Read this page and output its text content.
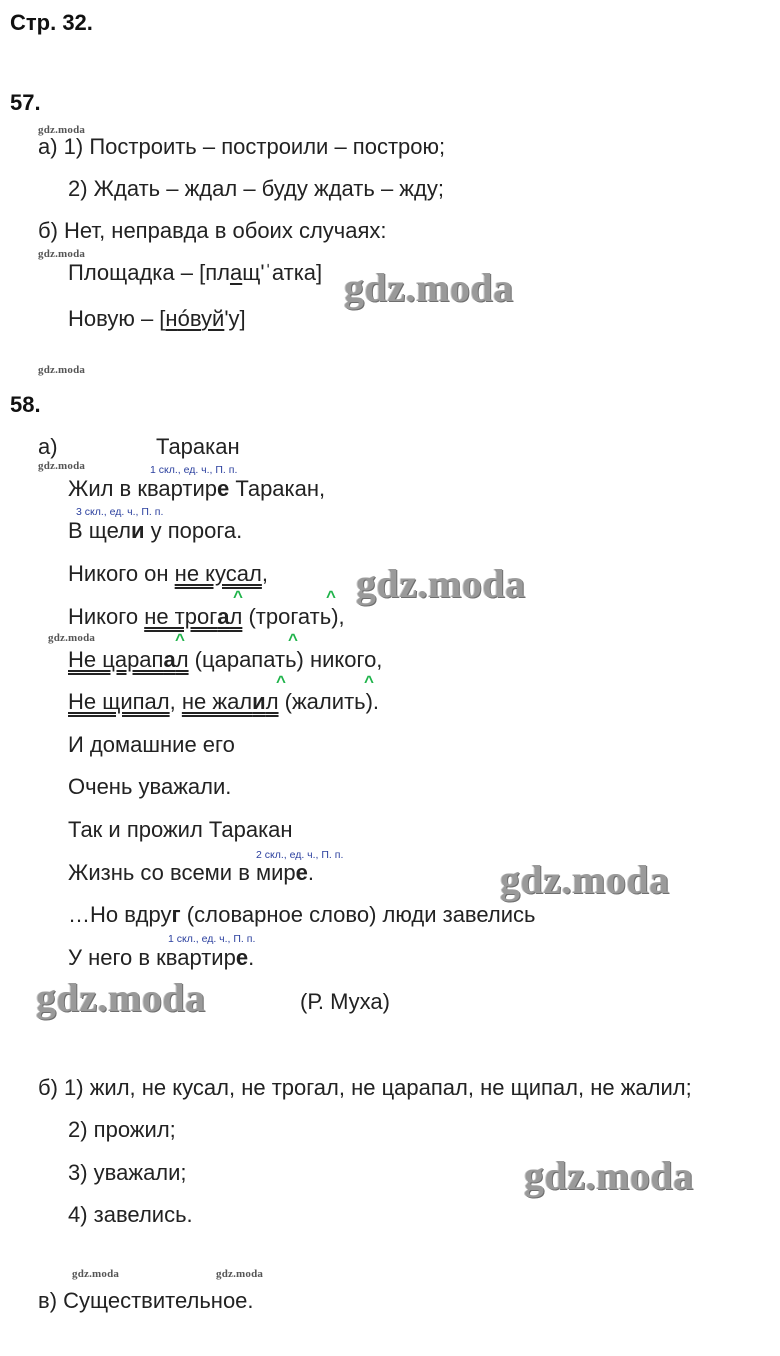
Стр. 32.
57.
gdz.moda
а) 1) Построить – построили – построю;
2) Ждать – ждал – буду ждать – жду;
б) Нет, неправда в обоих случаях:
gdz.moda
Площадка – [плащ'ˈатка]
Новую – [нóвуй'у]
gdz.moda
gdz.moda
58.
а)	Таракан
gdz.moda	1 скл., ед. ч., П. п.
Жил в квартире Таракан,
3 скл., ед. ч., П. п.
В щели у порога.
Никого он не кусал, gdz.moda
^	^
Никого не трогал (трогать),
gdz.moda	^	^
Не царапал (царапать) никого,
^	^
Не щипал, не жалил (жалить).
И домашние его
Очень уважали.
Так и прожил Таракан
2 скл., ед. ч., П. п.
Жизнь со всеми в мире.	gdz.moda
…Но вдруг (словарное слово) люди завелись
1 скл., ед. ч., П. п.
У него в квартире.
gdz.moda	(Р. Муха)
б) 1) жил, не кусал, не трогал, не царапал, не щипал, не жалил;
2) прожил;
3) уважали;	gdz.moda
4) завелись.
gdz.moda	gdz.moda
в) Существительное.
